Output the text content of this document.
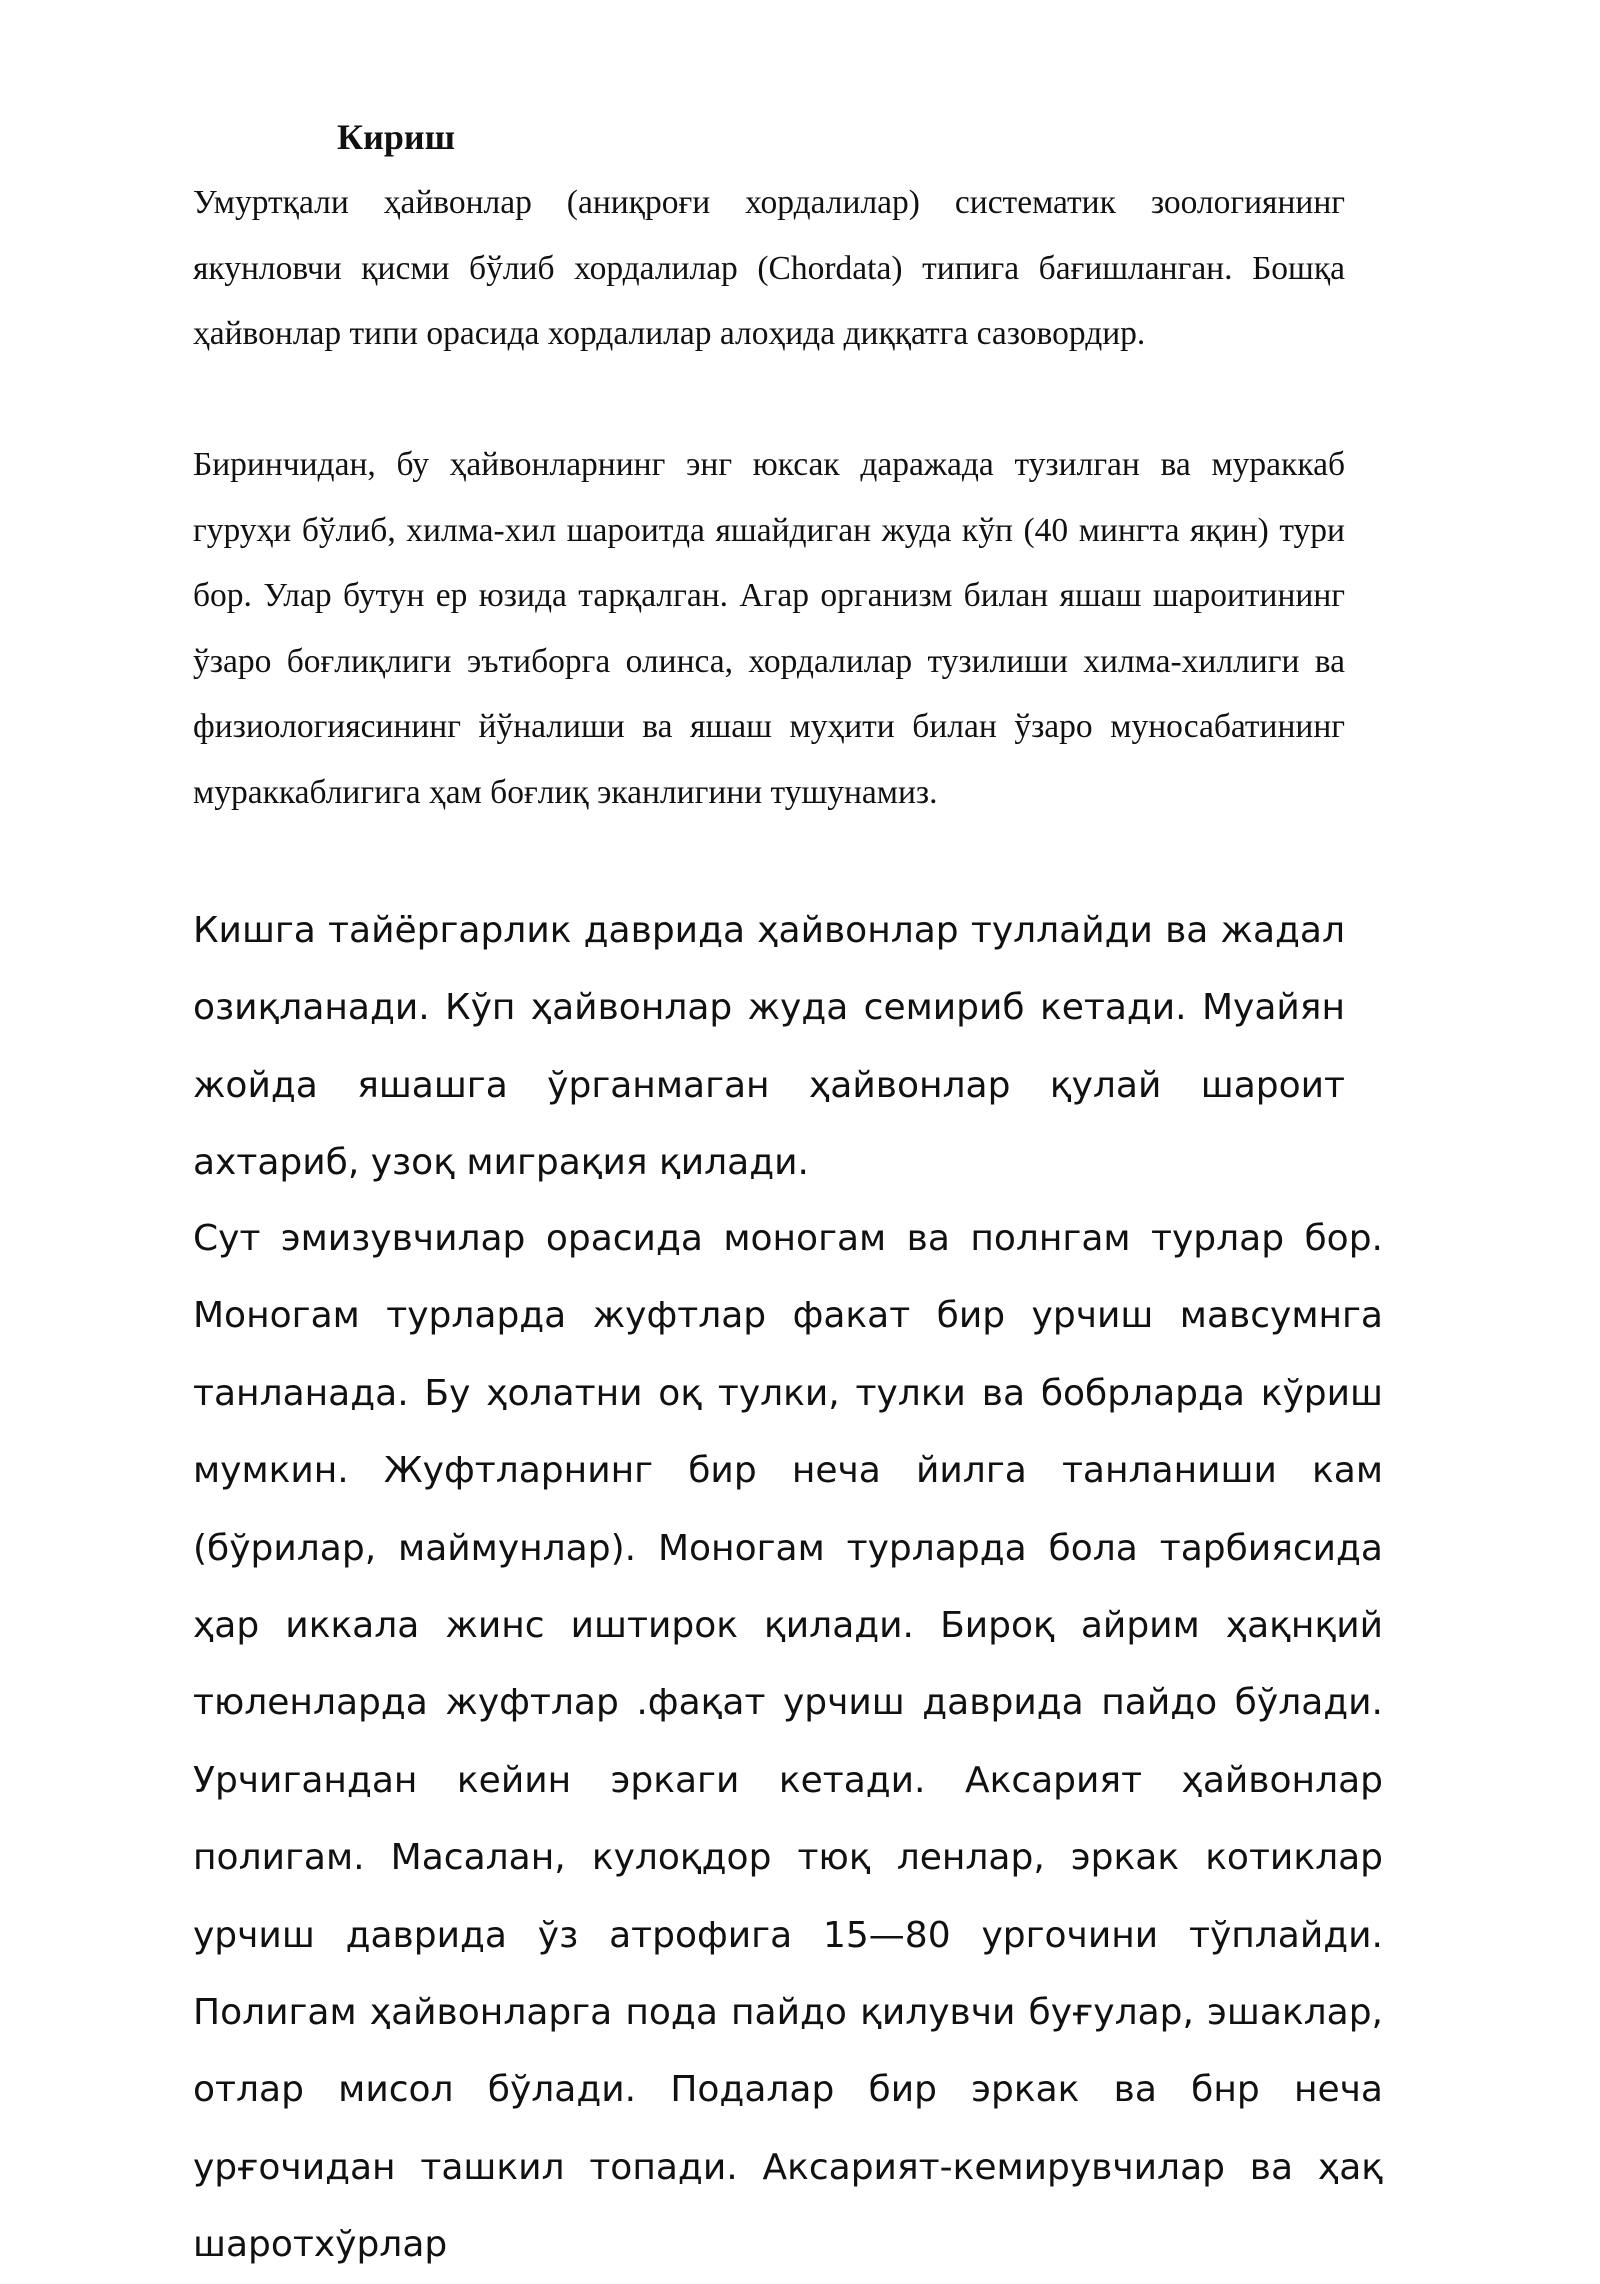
Кириш

Умуртқали ҳайвонлар (аниқроғи хордалилар) систематик зоологиянинг якунловчи қисми бўлиб хордалилар (Chordata) типига бағишланган. Бошқа ҳайвонлар типи орасида хордалилар алоҳида диққатга сазовордир.

Биринчидан, бу ҳайвонларнинг энг юксак даражада тузилган ва мураккаб гуруҳи бўлиб, хилма-хил шароитда яшайдиган жуда кўп (40 мингта яқин) тури бор. Улар бутун ер юзида тарқалган. Агар организм билан яшаш шароитининг ўзаро боғлиқлиги эътиборга олинса, хордалилар тузилиши хилма-хиллиги ва физиологиясининг йўналиши ва яшаш муҳити билан ўзаро муносабатининг мураккаблигига ҳам боғлиқ эканлигини тушунамиз.

Кишга тайёргарлик даврида ҳайвонлар туллайди ва жадал озиқланади. Кўп ҳайвонлар жуда семириб кетади. Муайян жойда яшашга ўрганмаган ҳайвонлар қулай шароит ахтариб, узоқ миграқия қилади.

Сут эмизувчилар орасида моногам ва полнгам турлар бор. Моногам турларда жуфтлар факат бир урчиш мавсумнга танланада. Бу ҳолатни оқ тулки, тулки ва бобрларда кўриш мумкин. Жуфтларнинг бир неча йилга танланиши кам (бўрилар, маймунлар). Моногам турларда бола тарбиясида ҳар иккала жинс иштирок қилади. Бироқ айрим ҳақнқий тюленларда жуфтлар .фақат урчиш даврида пайдо бўлади. Урчигандан кейин эркаги кетади. Аксарият ҳайвонлар полигам. Масалан, кулоқдор тюқ ленлар, эркак котиклар урчиш даврида ўз атрофига 15—80 ургочини тўплайди. Полигам ҳайвонларга пода пайдо қилувчи буғулар, эшаклар, отлар мисол бўлади. Подалар бир эркак ва бнр неча урғочидан ташкил топади. Аксарият-кемирувчилар ва ҳақ шаротхўрлар
